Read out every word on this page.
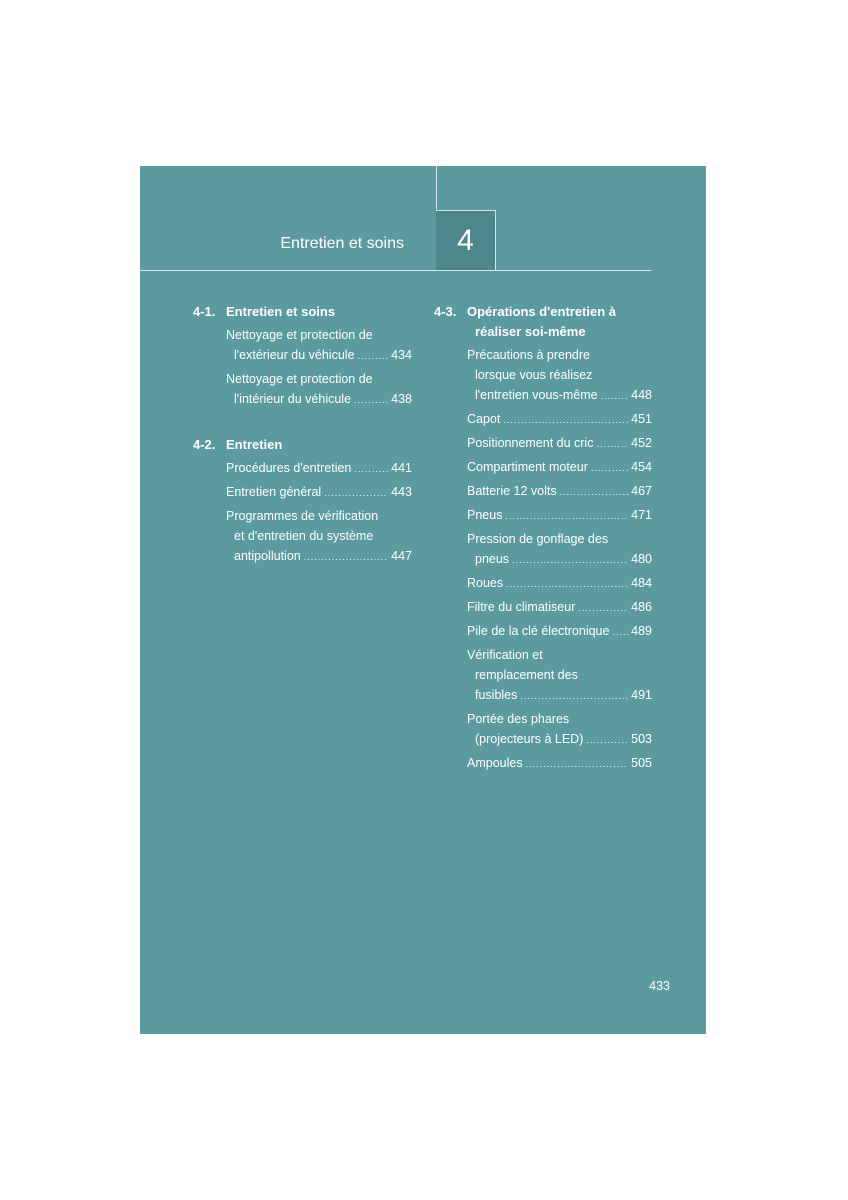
Entretien et soins 4
4-1. Entretien et soins
Nettoyage et protection de
l'extérieur du véhicule .....	434
Nettoyage et protection de
l'intérieur du véhicule .....	438
4-2. Entretien
Procédures d'entretien .....	441
Entretien général .....	443
Programmes de vérification
et d'entretien du système
antipollution .....	447
4-3. Opérations d'entretien à
réaliser soi-même
Précautions à prendre
lorsque vous réalisez
l'entretien vous-même .....	448
Capot .....	451
Positionnement du cric .....	452
Compartiment moteur .....	454
Batterie 12 volts .....	467
Pneus .....	471
Pression de gonflage des
pneus .....	480
Roues .....	484
Filtre du climatiseur .....	486
Pile de la clé électronique ..... 489
Vérification et
remplacement des
fusibles .....	491
Portée des phares
(projecteurs à LED) .....	503
Ampoules .....	505
433
